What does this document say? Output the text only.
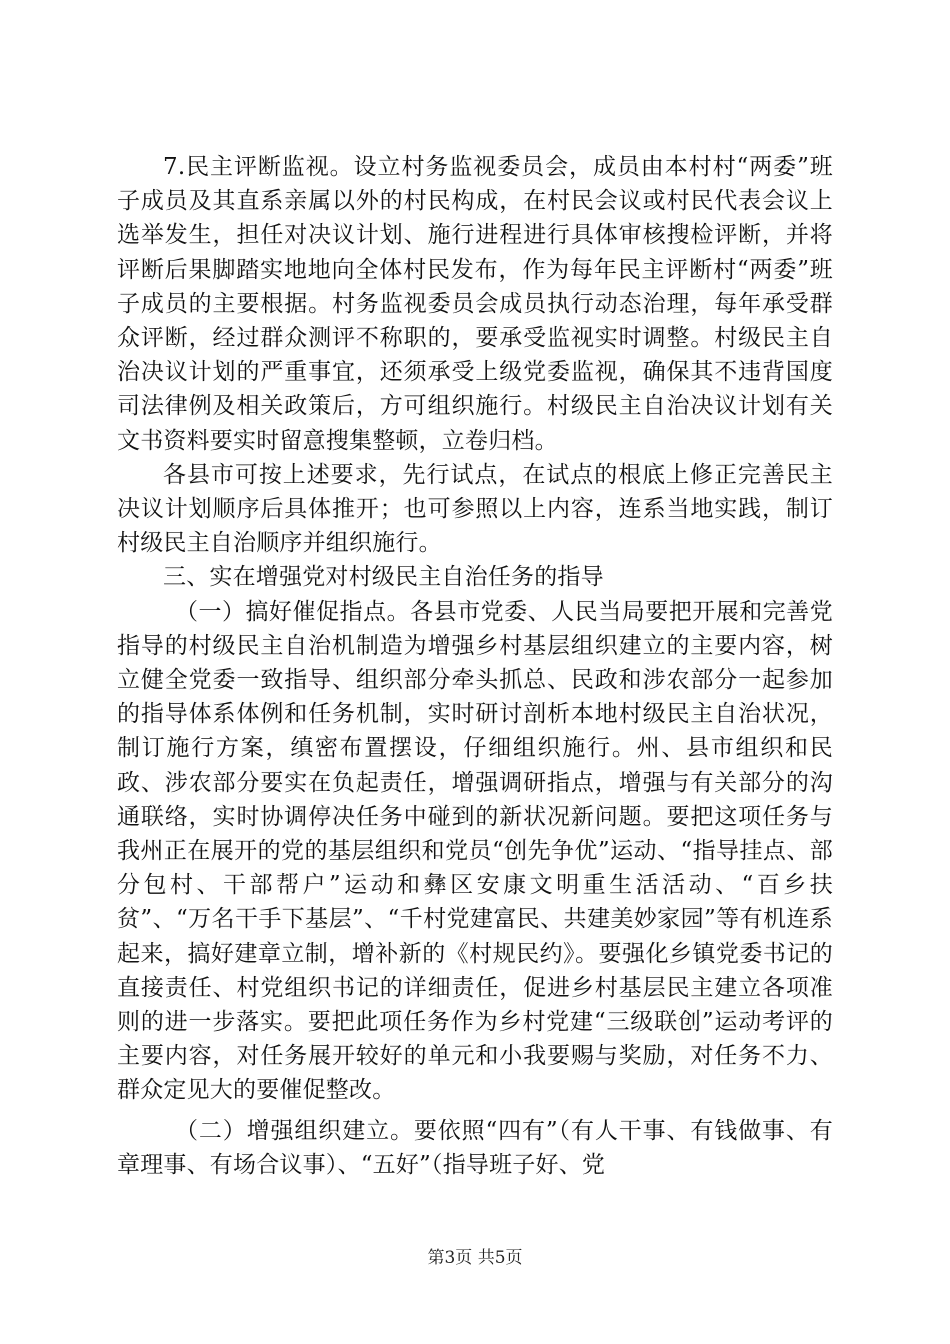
7.民主评断监视。设立村务监视委员会，成员由本村村“两委”班子成员及其直系亲属以外的村民构成，在村民会议或村民代表会议上选举发生，担任对决议计划、施行进程进行具体审核搜检评断，并将评断后果脚踏实地地向全体村民发布，作为每年民主评断村“两委”班子成员的主要根据。村务监视委员会成员执行动态治理，每年承受群众评断，经过群众测评不称职的，要承受监视实时调整。村级民主自治决议计划的严重事宜，还须承受上级党委监视，确保其不违背国度司法律例及相关政策后，方可组织施行。村级民主自治决议计划有关文书资料要实时留意搜集整顿，立卷归档。

各县市可按上述要求，先行试点，在试点的根底上修正完善民主决议计划顺序后具体推开；也可参照以上内容，连系当地实践，制订村级民主自治顺序并组织施行。

三、实在增强党对村级民主自治任务的指导

（一）搞好催促指点。各县市党委、人民当局要把开展和完善党指导的村级民主自治机制造为增强乡村基层组织建立的主要内容，树立健全党委一致指导、组织部分牵头抓总、民政和涉农部分一起参加的指导体系体例和任务机制，实时研讨剖析本地村级民主自治状况，制订施行方案，缜密布置摆设，仔细组织施行。州、县市组织和民政、涉农部分要实在负起责任，增强调研指点，增强与有关部分的沟通联络，实时协调停决任务中碰到的新状况新问题。要把这项任务与我州正在展开的党的基层组织和党员“创先争优”运动、“指导挂点、部分包村、干部帮户”运动和彝区安康文明重生活活动、“百乡扶贫”、“万名干手下基层”、“千村党建富民、共建美妙家园”等有机连系起来，搞好建章立制，增补新的《村规民约》。要强化乡镇党委书记的直接责任、村党组织书记的详细责任，促进乡村基层民主建立各项准则的进一步落实。要把此项任务作为乡村党建“三级联创”运动考评的主要内容，对任务展开较好的单元和小我要赐与奖励，对任务不力、群众定见大的要催促整改。

（二）增强组织建立。要依照“四有”（有人干事、有钱做事、有章理事、有场合议事）、“五好”（指导班子好、党

第3页 共5页
